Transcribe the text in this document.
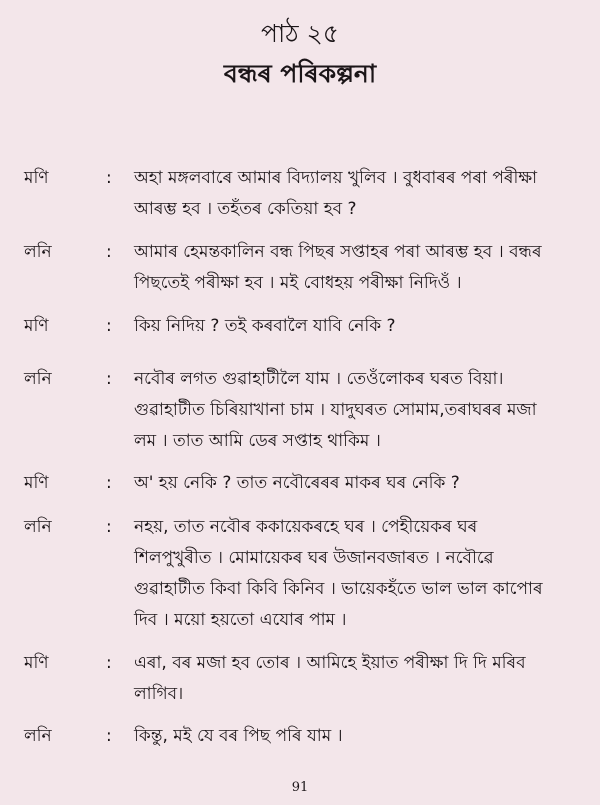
পাঠ ২৫
বন্ধৰ পৰিকল্পনা
মণি	: অহা মঙ্গলবাৰে আমাৰ বিদ্যালয় খুলিব । বুধবাৰৰ পৰা পৰীক্ষা
আৰম্ভ হব । তহঁতৰ কেতিয়া হব ?
লনি	: আমাৰ হেমন্তকালিন বন্ধ পিছৰ সপ্তাহৰ পৰা আৰম্ভ হব । বন্ধৰ
পিছতেই পৰীক্ষা হব । মই বোধহয় পৰীক্ষা নিদিওঁ ।
মণি	: কিয় নিদিয় ? তই কৰবালৈ যাবি নেকি ?
লনি	: নবৌৰ লগত গুৱাহাটীলৈ যাম । তেওঁলোকৰ ঘৰত বিয়া।
গুৱাহাটীত চিৰিয়াখানা চাম । যাদুঘৰত সোমাম,তৰাঘৰৰ মজা
লম । তাত আমি ডেৰ সপ্তাহ থাকিম ।
মণি	: অ' হয় নেকি ? তাত নবৌৰেৰৰ মাকৰ ঘৰ নেকি ?
লনি	: নহয়, তাত নবৌৰ ককায়েকৰহে ঘৰ । পেহীয়েকৰ ঘৰ
শিলপুখুৰীত । মোমায়েকৰ ঘৰ উজানবজাৰত । নবৌৱে
গুৱাহাটীত কিবা কিবি কিনিব । ভায়েকহঁতে ভাল ভাল কাপোৰ
দিব । ময়ো হয়তো এযোৰ পাম ।
মণি	: এৰা, বৰ মজা হব তোৰ । আমিহে ইয়াত পৰীক্ষা দি দি মৰিব
লাগিব।
লনি	: কিন্তু, মই যে বৰ পিছ পৰি যাম ।
91
